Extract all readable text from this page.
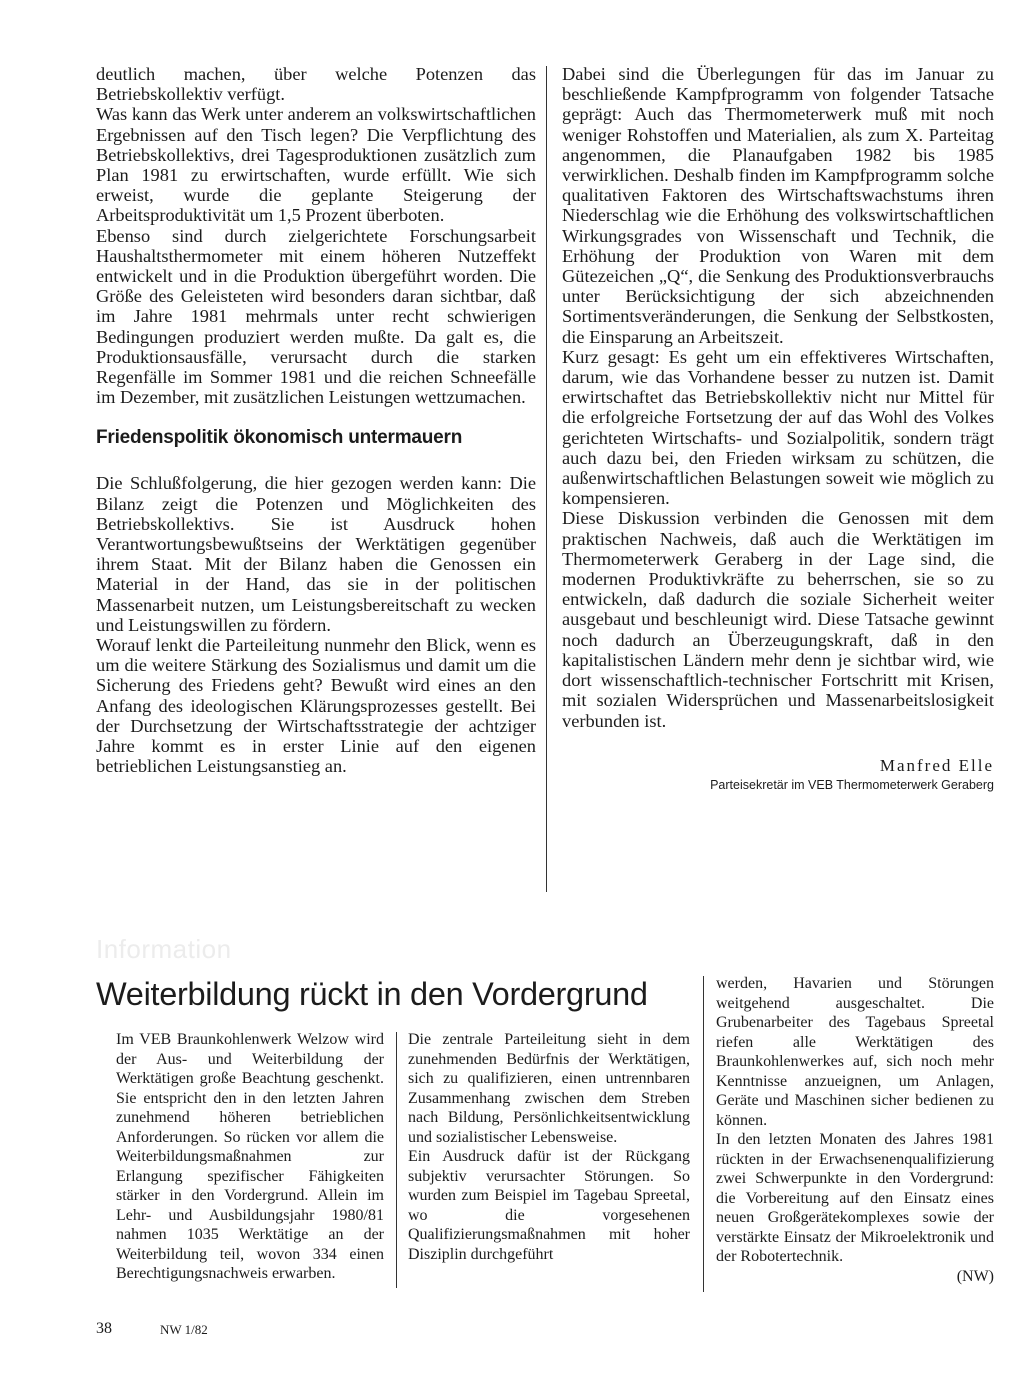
deutlich machen, über welche Potenzen das Betriebskollektiv verfügt.

Was kann das Werk unter anderem an volkswirtschaftlichen Ergebnissen auf den Tisch legen? Die Verpflichtung des Betriebskollektivs, drei Tagesproduktionen zusätzlich zum Plan 1981 zu erwirtschaften, wurde erfüllt. Wie sich erweist, wurde die geplante Steigerung der Arbeitsproduktivität um 1,5 Prozent überboten.

Ebenso sind durch zielgerichtete Forschungsarbeit Haushaltsthermometer mit einem höheren Nutzeffekt entwickelt und in die Produktion übergeführt worden. Die Größe des Geleisteten wird besonders daran sichtbar, daß im Jahre 1981 mehrmals unter recht schwierigen Bedingungen produziert werden mußte. Da galt es, die Produktionsausfälle, verursacht durch die starken Regenfälle im Sommer 1981 und die reichen Schneefälle im Dezember, mit zusätzlichen Leistungen wettzumachen.

Friedenspolitik ökonomisch untermauern

Die Schlußfolgerung, die hier gezogen werden kann: Die Bilanz zeigt die Potenzen und Möglichkeiten des Betriebskollektivs. Sie ist Ausdruck hohen Verantwortungsbewußtseins der Werktätigen gegenüber ihrem Staat. Mit der Bilanz haben die Genossen ein Material in der Hand, das sie in der politischen Massenarbeit nutzen, um Leistungsbereitschaft zu wecken und Leistungswillen zu fördern.

Worauf lenkt die Parteileitung nunmehr den Blick, wenn es um die weitere Stärkung des Sozialismus und damit um die Sicherung des Friedens geht? Bewußt wird eines an den Anfang des ideologischen Klärungsprozesses gestellt. Bei der Durchsetzung der Wirtschaftsstrategie der achtziger Jahre kommt es in erster Linie auf den eigenen betrieblichen Leistungsanstieg an.

Dabei sind die Überlegungen für das im Januar zu beschließende Kampfprogramm von folgender Tatsache geprägt: Auch das Thermometerwerk muß mit noch weniger Rohstoffen und Materialien, als zum X. Parteitag angenommen, die Planaufgaben 1982 bis 1985 verwirklichen. Deshalb finden im Kampfprogramm solche qualitativen Faktoren des Wirtschaftswachstums ihren Niederschlag wie die Erhöhung des volkswirtschaftlichen Wirkungsgrades von Wissenschaft und Technik, die Erhöhung der Produktion von Waren mit dem Gütezeichen „Q“, die Senkung des Produktionsverbrauchs unter Berücksichtigung der sich abzeichnenden Sortimentsveränderungen, die Senkung der Selbstkosten, die Einsparung an Arbeitszeit.

Kurz gesagt: Es geht um ein effektiveres Wirtschaften, darum, wie das Vorhandene besser zu nutzen ist. Damit erwirtschaftet das Betriebskollektiv nicht nur Mittel für die erfolgreiche Fortsetzung der auf das Wohl des Volkes gerichteten Wirtschafts- und Sozialpolitik, sondern trägt auch dazu bei, den Frieden wirksam zu schützen, die außenwirtschaftlichen Belastungen soweit wie möglich zu kompensieren.

Diese Diskussion verbinden die Genossen mit dem praktischen Nachweis, daß auch die Werktätigen im Thermometerwerk Geraberg in der Lage sind, die modernen Produktivkräfte zu beherrschen, sie so zu entwickeln, daß dadurch die soziale Sicherheit weiter ausgebaut und beschleunigt wird. Diese Tatsache gewinnt noch dadurch an Überzeugungskraft, daß in den kapitalistischen Ländern mehr denn je sichtbar wird, wie dort wissenschaftlich-technischer Fortschritt mit Krisen, mit sozialen Widersprüchen und Massenarbeitslosigkeit verbunden ist.

Manfred Elle
Parteisekretär im VEB Thermometerwerk Geraberg
Information
Weiterbildung rückt in den Vordergrund

Im VEB Braunkohlenwerk Welzow wird der Aus- und Weiterbildung der Werktätigen große Beachtung geschenkt. Sie entspricht den in den letzten Jahren zunehmend höheren betrieblichen Anforderungen. So rücken vor allem die Weiterbildungsmaßnahmen zur Erlangung spezifischer Fähigkeiten stärker in den Vordergrund. Allein im Lehr- und Ausbildungsjahr 1980/81 nahmen 1035 Werktätige an der Weiterbildung teil, wovon 334 einen Berechtigungsnachweis erwarben.

Die zentrale Parteileitung sieht in dem zunehmenden Bedürfnis der Werktätigen, sich zu qualifizieren, einen untrennbaren Zusammenhang zwischen dem Streben nach Bildung, Persönlichkeitsentwicklung und sozialistischer Lebensweise.

Ein Ausdruck dafür ist der Rückgang subjektiv verursachter Störungen. So wurden zum Beispiel im Tagebau Spreetal, wo die vorgesehenen Qualifizierungsmaßnahmen mit hoher Disziplin durchgeführt

werden, Havarien und Störungen weitgehend ausgeschaltet. Die Grubenarbeiter des Tagebaus Spreetal riefen alle Werktätigen des Braunkohlenwerkes auf, sich noch mehr Kenntnisse anzueignen, um Anlagen, Geräte und Maschinen sicher bedienen zu können.

In den letzten Monaten des Jahres 1981 rückten in der Erwachsenenqualifizierung zwei Schwerpunkte in den Vordergrund: die Vorbereitung auf den Einsatz eines neuen Großgerätekomplexes sowie der verstärkte Einsatz der Mikroelektronik und der Robotertechnik.

(NW)

38	NW 1/82
